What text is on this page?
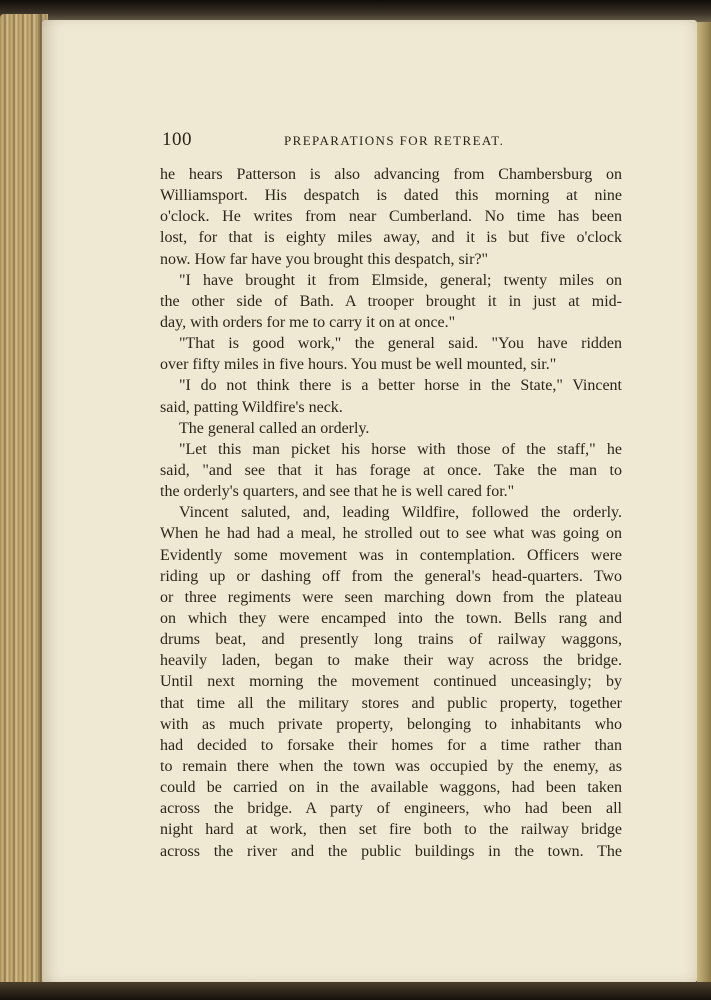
100	PREPARATIONS FOR RETREAT.
he hears Patterson is also advancing from Chambersburg on
Williamsport. His despatch is dated this morning at nine
o'clock. He writes from near Cumberland. No time has been
lost, for that is eighty miles away, and it is but five o'clock
now. How far have you brought this despatch, sir?"
"I have brought it from Elmside, general; twenty miles on
the other side of Bath. A trooper brought it in just at mid-
day, with orders for me to carry it on at once."
"That is good work," the general said. "You have ridden
over fifty miles in five hours. You must be well mounted, sir."
"I do not think there is a better horse in the State," Vincent
said, patting Wildfire's neck.
The general called an orderly.
"Let this man picket his horse with those of the staff," he
said, "and see that it has forage at once. Take the man to
the orderly's quarters, and see that he is well cared for."
Vincent saluted, and, leading Wildfire, followed the orderly.
When he had had a meal, he strolled out to see what was going on
Evidently some movement was in contemplation. Officers were
riding up or dashing off from the general's head-quarters. Two
or three regiments were seen marching down from the plateau
on which they were encamped into the town. Bells rang and
drums beat, and presently long trains of railway waggons,
heavily laden, began to make their way across the bridge.
Until next morning the movement continued unceasingly; by
that time all the military stores and public property, together
with as much private property, belonging to inhabitants who
had decided to forsake their homes for a time rather than
to remain there when the town was occupied by the enemy, as
could be carried on in the available waggons, had been taken
across the bridge. A party of engineers, who had been all
night hard at work, then set fire both to the railway bridge
across the river and the public buildings in the town. The
